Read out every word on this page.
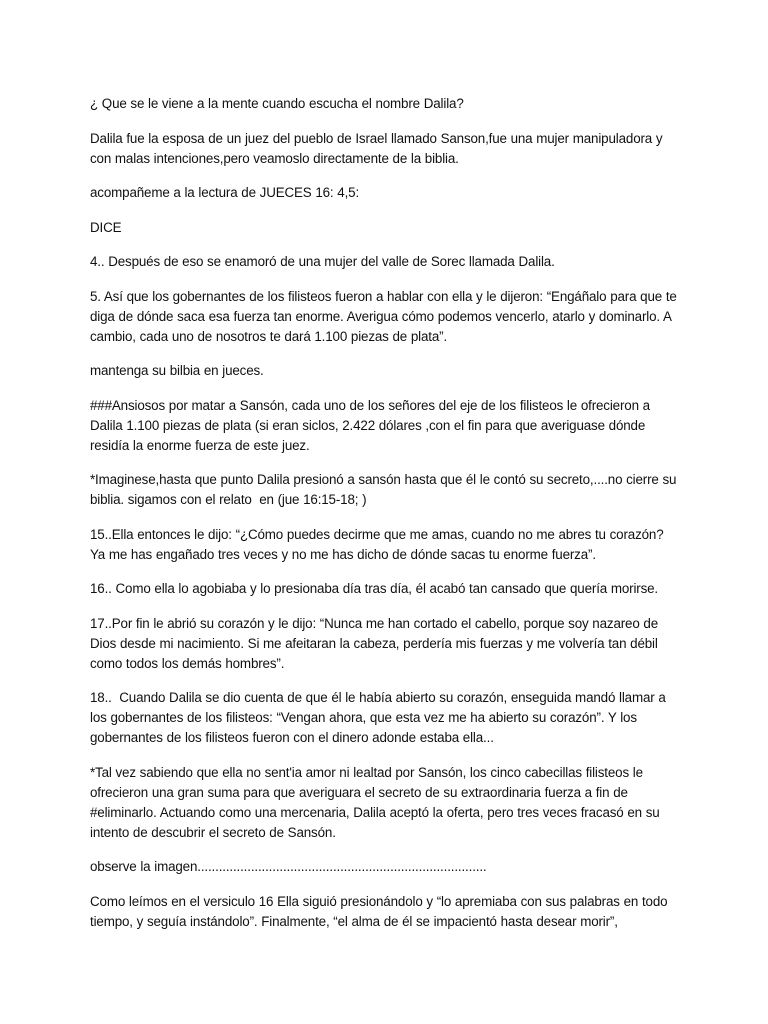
¿ Que se le viene a la mente cuando escucha el nombre Dalila?

Dalila fue la esposa de un juez del pueblo de Israel llamado Sanson,fue una mujer manipuladora y con malas intenciones,pero veamoslo directamente de la biblia.

acompañeme a la lectura de JUECES 16: 4,5:

DICE

4.. Después de eso se enamoró de una mujer del valle de Sorec llamada Dalila.

5. Así que los gobernantes de los filisteos fueron a hablar con ella y le dijeron: “Engáñalo para que te diga de dónde saca esa fuerza tan enorme. Averigua cómo podemos vencerlo, atarlo y dominarlo. A cambio, cada uno de nosotros te dará 1.100 piezas de plata”.

mantenga su bilbia en jueces.

###Ansiosos por matar a Sansón, cada uno de los señores del eje de los filisteos le ofrecieron a Dalila 1.100 piezas de plata (si eran siclos, 2.422 dólares ,con el fin para que averiguase dónde residía la enorme fuerza de este juez.

*Imaginese,hasta que punto Dalila presionó a sansón hasta que él le contó su secreto,....no cierre su biblia. sigamos con el relato  en (jue 16:15-18; )

15..Ella entonces le dijo: “¿Cómo puedes decirme que me amas, cuando no me abres tu corazón? Ya me has engañado tres veces y no me has dicho de dónde sacas tu enorme fuerza”.

16.. Como ella lo agobiaba y lo presionaba día tras día, él acabó tan cansado que quería morirse.

17..Por fin le abrió su corazón y le dijo: “Nunca me han cortado el cabello, porque soy nazareo de Dios desde mi nacimiento. Si me afeitaran la cabeza, perdería mis fuerzas y me volvería tan débil como todos los demás hombres”.

18..  Cuando Dalila se dio cuenta de que él le había abierto su corazón, enseguida mandó llamar a los gobernantes de los filisteos: “Vengan ahora, que esta vez me ha abierto su corazón”. Y los gobernantes de los filisteos fueron con el dinero adonde estaba ella...

*Tal vez sabiendo que ella no sent'ia amor ni lealtad por Sansón, los cinco cabecillas filisteos le ofrecieron una gran suma para que averiguara el secreto de su extraordinaria fuerza a fin de #eliminarlo. Actuando como una mercenaria, Dalila aceptó la oferta, pero tres veces fracasó en su intento de descubrir el secreto de Sansón.

observe la imagen.................................................................................

Como leímos en el versiculo 16 Ella siguió presionándolo y “lo apremiaba con sus palabras en todo tiempo, y seguía instándolo”. Finalmente, “el alma de él se impacientó hasta desear morir”,
